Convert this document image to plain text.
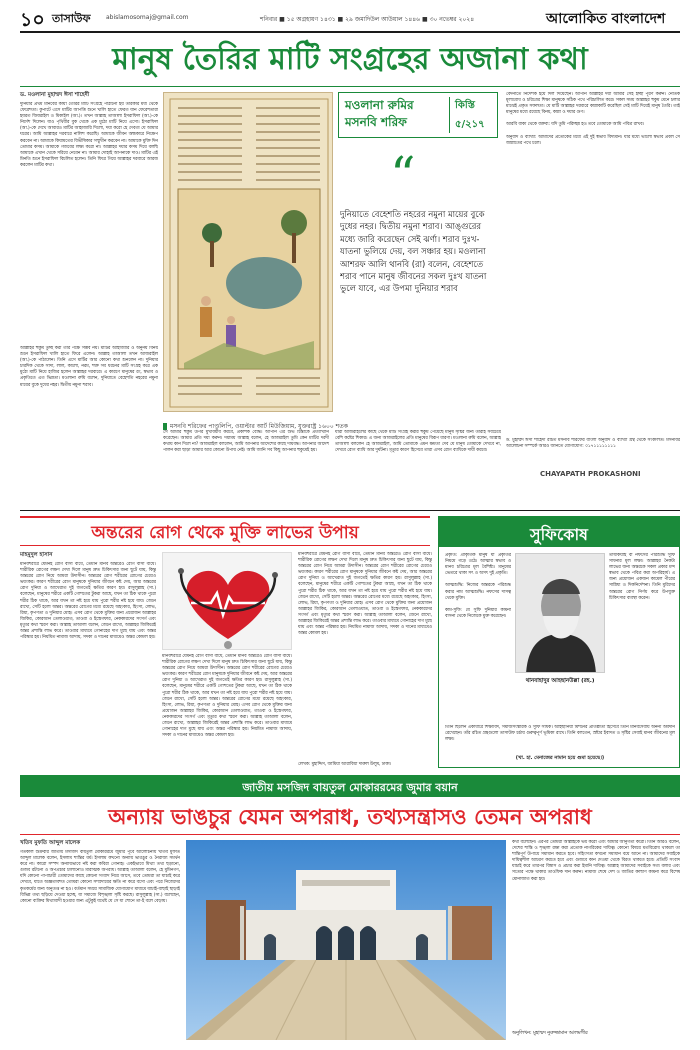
১০ তাসাউফ	abislamosomaj@gmail.com	শনিবার ■ ১৫ অগ্রহায়ণ ১৪৩১ ■ ২৯ জমাদিউল আউয়াল ১৪৪৬ ■ ৩০ নভেম্বর ২০২৪	আলোকিত বাংলাদেশ
মানুষ তৈরির মাটি সংগ্রহের অজানা কথা
ড. মওলানা মুহাম্মদ ঈসা শাহেদী
দুনিয়ার প্রথম মানবের কায়া তৈরির মাটি সংগ্রহে পাঠানো হয় তারকার মধ্য থেকে ফেরেশতা। কুপাটে এসে মাটির আপত্তি শুনে খালি হাতে ফেরত যান ফেরেশতারা হযরত জিবরাইল ও মিকাইল (আ.)। তখন আল্লাহ তাআলা ইসরাফিল (আ.)-কে নির্দেশ দিলেন। যাও পৃথিবীর বুক থেকে এক মুঠো মাটি নিয়ে এসো। ইসরাফিল (আ.)-কে দেখে আবারও মাটির আহাজারি দিলো, দয়া করো হে দেবতা যে আমার ঘরের। আমি আল্লাহর দরবারে নালিশ করেছি। আমাকে জীবন অন্ধকারে নিক্ষেপ করবেন না। আমাকে কিয়ামতের বিভীষিকার সম্মুখীন করবেন না। আমাকে মুক্তি দিন তোমার কসম। আমাকে গজবের লক্ষ্য করো না। আল্লাহর দয়ার কসম দিয়ে বলছি আমাকে এখান থেকে সরিয়ে নেবেন না। আমার দোহাই আপনাকে দাও। মাটির এই মিনতি শুনে ইসরাফিল বিচলিত হলেন। তিনি ফিরে গিয়ে আল্লাহর দরবারে আরজ করলেন মাটির কথা।
আল্লাহর হুকুম তুচ্ছ করা তাঁর পক্ষে সম্ভব নয়। মাটির আহাজারি ও অনুনয় বিনয় শুনে ইসরাফিল খালি হাতে ফিরে এলেন। আল্লাহ তাআলা তখন আজরাইল (আ.)-কে পাঠালেন। তিনি এসে মাটির আর কোনো কথা শুনলেন না। দুনিয়ার চারদিক থেকে সাদা, লাল, কালো, নরম, শক্ত সব ধরনের মাটি সংগ্রহ করে এক মুঠো মাটি নিয়ে হাজির হলেন আল্লাহর দরবারে। এ কারণে মানুষের রং, স্বভাব ও প্রকৃতিতে এত ভিন্নতা। মওলানা রুমি বলেন, দুনিয়াতে বেহেশতি নহরের নমুনা মায়ের বুকে দুধের নহর। দ্বিতীয় নমুনা শরাব।
মওলানা রুমির মসনবি শরিফ
কিস্তি
৫/২১৭
“
দুনিয়াতে বেহেশতি নহরের নমুনা মায়ের বুকে দুধের নহর। দ্বিতীয় নমুনা শরাব। আঙ্গুরের মধ্যে জারি করেছেন সেই ঝর্ণা। শরাব দুঃখ-যাতনা ভুলিয়ে দেয়, বল সঞ্চার হয়। মওলানা আশরফ আলি থানবি (রা) বলেন, বেহেশতে শরাব পানে মানুষ জীবনের সকল দুঃখ যাতনা ভুলে যাবে, এর উপমা দুনিয়ার শরাব
বেদনাতে নির্দেশক হয়ে দিল দিয়েছেন। আপনি আল্লাহর দয়া আমার সেই ইচ্ছা পূরণ করুন। নৈতিক মূল্যবোধ ও চরিত্রের শিক্ষা মানুষকে সঠিক পথে পরিচালিত করে। সকল সময় আল্লাহর হুকুম মেনে চলার মাঝেই প্রকৃত সফলতা। যে মাটি আল্লাহর দরবারে কান্নাকাটি করেছিল সেই মাটি দিয়েই মানুষ তৈরি। তাই মানুষের মধ্যে রয়েছে বিনয়, কান্না ও দয়ার গুণ।

আরবি বাক্য থেকে বক্তব্য: যদি তুমি পরিচ্ছন্ন হও তবে তোমাকে আমি পবিত্র রাখব।

অনুবাদ ও ব্যাখ্যা: আমাদের প্রত্যেকের মধ্যে এই দুই স্বভাব বিদ্যমান। যার মধ্যে ভালো স্বভাব প্রবল সে জান্নাতের পথে চলে।
ড. মুহাম্মদ ঈসা শাহেদী রচিত মসনবি শরিফের বাংলা অনুবাদ ও ব্যাখ্যা গ্রন্থ থেকে সংকলিত। মসনবির আলোচনা সম্পর্কে আরও জানতে যোগাযোগ: ০১৭১১১১১১১১
CHAYAPATH PROKASHONI
মসনবি শরিফের পাণ্ডুলিপি, ওয়াল্টার আর্ট মিউজিয়াম, যুক্তরাষ্ট্র ১৬০০ শতক
সে আমার হুকুম উপর মুখাবয়বি করবে, প্রকাশক বৌদ্ধ। আপনি এর শুভ চিন্তাকে প্রত্যাখ্যান করেছেন। আমার প্রতি দয়া করুন। দয়াময় আল্লাহ বলেন, হে আজরাইল তুমি কেন মাটির দরদী কথায় কান দিলে না? আজরাইল বললেন, আমি আপনার আদেশের কাছে দায়বদ্ধ। আপনার আদেশ পালন করা ছাড়া আমার আর কোনো উপায় নেই। আমি জানি সব কিছু আপনার হুকুমেই হয়।
যারা আজরাইলের কাছে থেকে মাটি সংগ্রহ করার হুকুম পেয়েছে মানুষ সৃষ্টির জন্য তারাই সবচেয়ে বেশি কষ্টের শিকার। এ জন্য আজরাইলের প্রতি মানুষের বিরূপ ধারণা। মওলানা রুমি বলেন, আল্লাহ তাআলা বললেন হে আজরাইল, আমি তোমাকে এমন ক্ষমতা দেব যে মানুষ তোমাকে দেখবে না, দেখবে রোগ ব্যাধি আর দুর্ঘটনা। মৃত্যুর কারণ হিসেবে তারা এসব রোগ ব্যাধিকে দায়ী করবে।
অন্তরের রোগ থেকে মুক্তি লাভের উপায়
মাহমুদুল হাসান
মানবশরীরে যেমনই রোগ বাসা বাঁধে, তেমনি মানব অন্তরেও রোগ বাসা বাঁধে। শারীরিক রোগের লক্ষণ দেখা দিলে মানুষ দ্রুত চিকিৎসার জন্য ছুটে যায়, কিন্তু অন্তরের রোগ নিয়ে আমরা উদাসীন। অন্তরের রোগ শরীরের রোগের চেয়েও ভয়ংকর। কারণ শরীরের রোগ মানুষকে দুনিয়ার জীবনে কষ্ট দেয়, আর অন্তরের রোগ দুনিয়া ও আখেরাত দুই জগতেই ক্ষতির কারণ হয়। রাসুলুল্লাহ (সা.) বলেছেন, মানুষের শরীরে একটি গোশতের টুকরা আছে, যখন তা ঠিক থাকে পুরো শরীর ঠিক থাকে, আর যখন তা নষ্ট হয়ে যায় পুরো শরীর নষ্ট হয়ে যায়। জেনে রাখো, সেটি হলো অন্তর। অন্তরের রোগের মধ্যে রয়েছে অহংকার, হিংসা, লোভ, রিয়া, কৃপণতা ও দুনিয়ার মোহ। এসব রোগ থেকে মুক্তির জন্য প্রয়োজন আল্লাহর জিকির, কোরআন তেলাওয়াত, তাওবা ও ইস্তেগফার, নেককারদের সংসর্গ এবং মৃত্যুর কথা স্মরণ করা। আল্লাহ তাআলা বলেন, জেনে রাখো, আল্লাহর জিকিরেই অন্তর প্রশান্তি লাভ করে। তাওবার মাধ্যমে গোনাহের দাগ মুছে যায় এবং অন্তর পরিষ্কার হয়। নিয়মিত নামাজ আদায়, সদকা ও দানের মাধ্যমেও অন্তর কোমল হয়।
মানবশরীরে যেমনই রোগ বাসা বাঁধে, তেমনি মানব অন্তরেও রোগ বাসা বাঁধে। শারীরিক রোগের লক্ষণ দেখা দিলে মানুষ দ্রুত চিকিৎসার জন্য ছুটে যায়, কিন্তু অন্তরের রোগ নিয়ে আমরা উদাসীন। অন্তরের রোগ শরীরের রোগের চেয়েও ভয়ংকর। কারণ শরীরের রোগ মানুষকে দুনিয়ার জীবনে কষ্ট দেয়, আর অন্তরের রোগ দুনিয়া ও আখেরাত দুই জগতেই ক্ষতির কারণ হয়। রাসুলুল্লাহ (সা.) বলেছেন, মানুষের শরীরে একটি গোশতের টুকরা আছে, যখন তা ঠিক থাকে পুরো শরীর ঠিক থাকে, আর যখন তা নষ্ট হয়ে যায় পুরো শরীর নষ্ট হয়ে যায়। জেনে রাখো, সেটি হলো অন্তর। অন্তরের রোগের মধ্যে রয়েছে অহংকার, হিংসা, লোভ, রিয়া, কৃপণতা ও দুনিয়ার মোহ। এসব রোগ থেকে মুক্তির জন্য প্রয়োজন আল্লাহর জিকির, কোরআন তেলাওয়াত, তাওবা ও ইস্তেগফার, নেককারদের সংসর্গ এবং মৃত্যুর কথা স্মরণ করা। আল্লাহ তাআলা বলেন, জেনে রাখো, আল্লাহর জিকিরেই অন্তর প্রশান্তি লাভ করে। তাওবার মাধ্যমে গোনাহের দাগ মুছে যায় এবং অন্তর পরিষ্কার হয়। নিয়মিত নামাজ আদায়, সদকা ও দানের মাধ্যমেও অন্তর কোমল হয়।
মানবশরীরে যেমনই রোগ বাসা বাঁধে, তেমনি মানব অন্তরেও রোগ বাসা বাঁধে। শারীরিক রোগের লক্ষণ দেখা দিলে মানুষ দ্রুত চিকিৎসার জন্য ছুটে যায়, কিন্তু অন্তরের রোগ নিয়ে আমরা উদাসীন। অন্তরের রোগ শরীরের রোগের চেয়েও ভয়ংকর। কারণ শরীরের রোগ মানুষকে দুনিয়ার জীবনে কষ্ট দেয়, আর অন্তরের রোগ দুনিয়া ও আখেরাত দুই জগতেই ক্ষতির কারণ হয়। রাসুলুল্লাহ (সা.) বলেছেন, মানুষের শরীরে একটি গোশতের টুকরা আছে, যখন তা ঠিক থাকে পুরো শরীর ঠিক থাকে, আর যখন তা নষ্ট হয়ে যায় পুরো শরীর নষ্ট হয়ে যায়। জেনে রাখো, সেটি হলো অন্তর। অন্তরের রোগের মধ্যে রয়েছে অহংকার, হিংসা, লোভ, রিয়া, কৃপণতা ও দুনিয়ার মোহ। এসব রোগ থেকে মুক্তির জন্য প্রয়োজন আল্লাহর জিকির, কোরআন তেলাওয়াত, তাওবা ও ইস্তেগফার, নেককারদের সংসর্গ এবং মৃত্যুর কথা স্মরণ করা। আল্লাহ তাআলা বলেন, জেনে রাখো, আল্লাহর জিকিরেই অন্তর প্রশান্তি লাভ করে। তাওবার মাধ্যমে গোনাহের দাগ মুছে যায় এবং অন্তর পরিষ্কার হয়। নিয়মিত নামাজ আদায়, সদকা ও দানের মাধ্যমেও অন্তর কোমল হয়।
লেখক: মুহাদ্দিস, জামিয়া আরাবিয়া দারুল উলুম, ঢাকা।
সুফিকোষ
প্রকৃতি: প্রাকৃতিক মানুষ যা প্রকৃতির নিয়মে গড়ে ওঠে। আত্মার স্বভাব ও মানব চরিত্রের মূল বৈশিষ্ট্য। মানুষের ভেতরে থাকা সৎ ও অসৎ দুই প্রকৃতি।

আত্মশুদ্ধি: নিজের অন্তরকে পরিশুদ্ধ করার নাম আত্মশুদ্ধি। নফসের দাসত্ব থেকে মুক্তি।

কাম-সুফি: যে সুফি দুনিয়ার কামনা বাসনা থেকে নিজেকে মুক্ত করেছেন।
তাযকিয়াহ বা নফসের পরিশুদ্ধি সুফি সাধনার মূল লক্ষ্য। আল্লাহর নৈকট্য লাভের জন্য অন্তরকে সকল প্রকার মন্দ স্বভাব থেকে পবিত্র করা অপরিহার্য। এ জন্য প্রয়োজন একজন কামেল পীরের সান্নিধ্য ও দিকনির্দেশনা। তিনি মুরিদের অন্তরের রোগ নির্ণয় করে উপযুক্ত চিকিৎসার ব্যবস্থা করেন।
থানবাহাদুর আহছানউল্লা (রহ.)
তিনি ছিলেন একাধারে শিক্ষাবিদ, সমাজসংস্কারক ও সুফি সাধক। আহছানিয়া মিশনের প্রতিষ্ঠাতা হিসেবে তিনি মানবসেবায় অনন্য অবদান রেখেছেন। তাঁর রচিত গ্রন্থগুলো তাসাউফ চর্চায় গুরুত্বপূর্ণ ভূমিকা রাখে। তিনি বলতেন, স্রষ্টার ইবাদত ও সৃষ্টির সেবাই মানব জীবনের মূল লক্ষ্য।
(খা. হা. মেনাজের নামান হয়ে গুমা হয়েছে।)
জাতীয় মসজিদ বায়তুল মোকাররমের জুমার বয়ান
অন্যায় ভাঙচুর যেমন অপরাধ, তথ্যসন্ত্রাসও তেমন অপরাধ
খতিব মুফতি আব্দুল মালেক
গতকাল শুক্রবার জাতীয় মসজিদ বায়তুল মোকাররমে জুমার পূর্বে আলোচনায় খতিব মুফতি আব্দুল মালেক বলেন, ইসলাম শান্তির ধর্ম। ইসলাম কখনো অন্যায় ভাঙচুর ও নৈরাজ্য সমর্থন করে না। কারো সম্পদ অন্যায়ভাবে নষ্ট করা কবিরা গোনাহ। একইভাবে মিথ্যা তথ্য ছড়ানো, গুজব রটানো ও অপপ্রচার চালানোও মারাত্মক অপরাধ। আল্লাহ তাআলা বলেন, হে মুমিনগণ, যদি কোনো পাপাচারী তোমাদের কাছে কোনো সংবাদ নিয়ে আসে, তবে তোমরা তা যাচাই করে দেখবে, যাতে অজ্ঞতাবশত তোমরা কোনো সম্প্রদায়ের ক্ষতি না করে বসো এবং পরে নিজেদের কৃতকর্মের জন্য অনুতপ্ত না হও। বর্তমান সময়ে সামাজিক যোগাযোগ মাধ্যমে যাচাই-বাছাই ছাড়াই বিভিন্ন তথ্য ছড়িয়ে দেওয়া হচ্ছে, যা সমাজে বিশৃঙ্খলা সৃষ্টি করছে। রাসুলুল্লাহ (সা.) বলেছেন, কোনো ব্যক্তির মিথ্যাবাদী হওয়ার জন্য এটুকুই যথেষ্ট যে সে যা শোনে তা-ই বলে বেড়ায়।
কথা বলেছেন। এরপর তোমরা আল্লাহকে ভয় করো এবং আমার আনুগত্য করো। তিনি আরও বলেন, দেশের শান্তি ও শৃঙ্খলা রক্ষা করা প্রত্যেক নাগরিকের দায়িত্ব। কোনো বিষয়ে মতবিরোধ থাকলে তা শান্তিপূর্ণ উপায়ে সমাধান করতে হবে। সহিংসতা কখনো সমাধান বয়ে আনে না। আমাদের সবাইকে দায়িত্বশীল আচরণ করতে হবে এবং গুজবে কান দেওয়া থেকে বিরত থাকতে হবে। প্রতিটি সংবাদ যাচাই করে তারপর বিশ্বাস ও প্রচার করা ইমানি দায়িত্ব। আল্লাহ আমাদের সবাইকে সত্য বলার এবং সত্যের পক্ষে থাকার তাওফিক দান করুন। নামাজ শেষে দেশ ও জাতির কল্যাণ কামনা করে বিশেষ মোনাজাত করা হয়।
অনুলিখন: মুহাম্মদ নুরুজ্জামান আলমগীর
